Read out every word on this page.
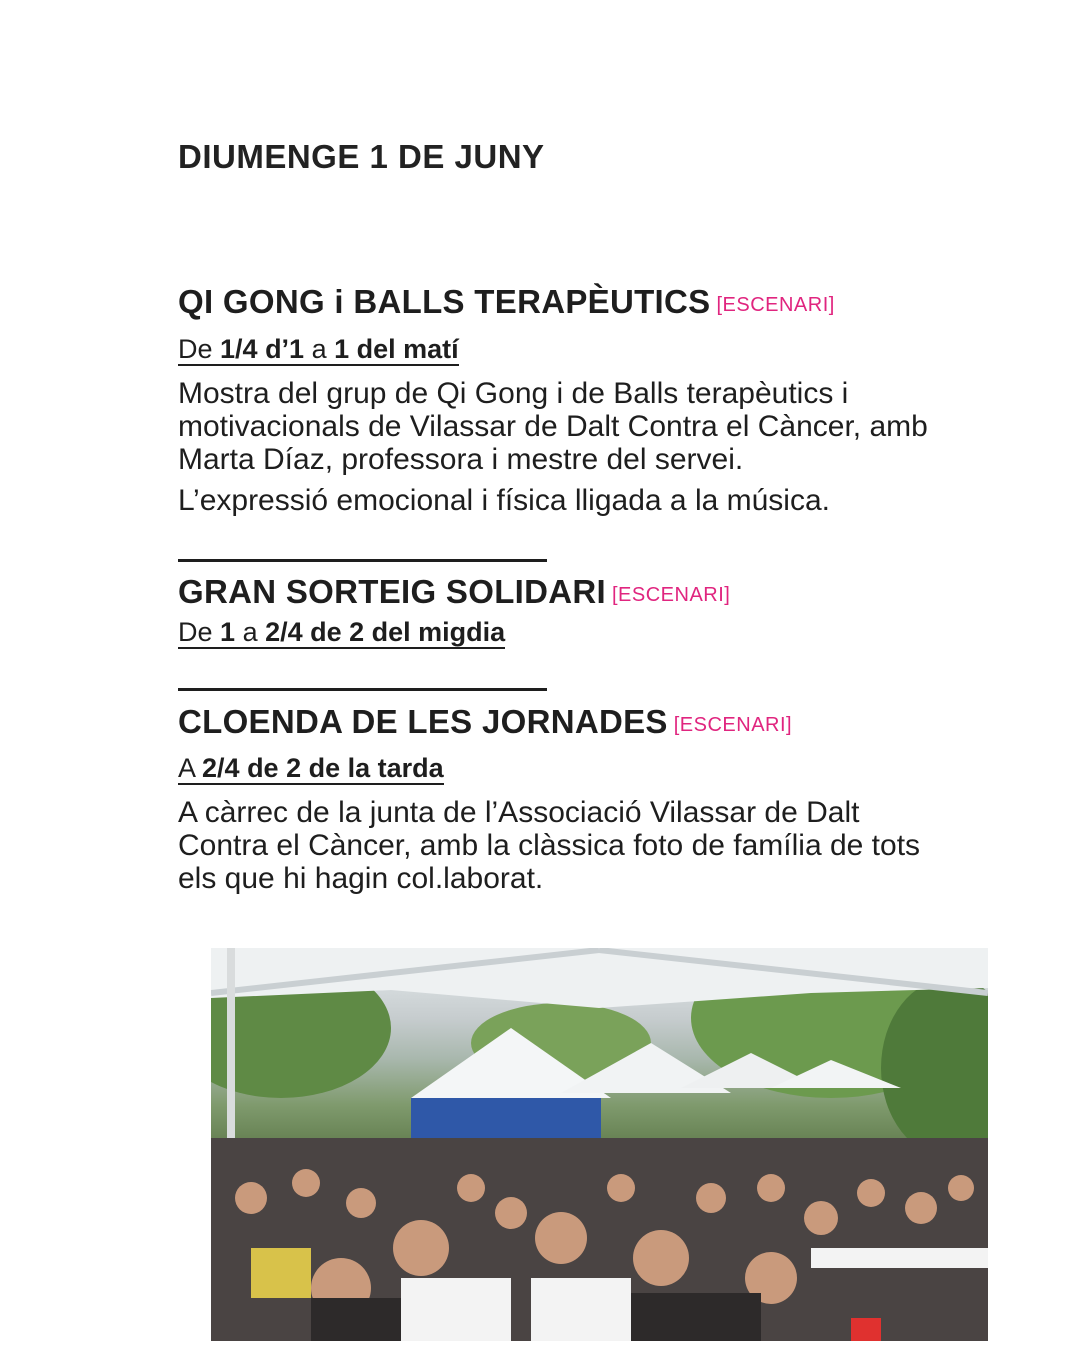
DIUMENGE 1 DE JUNY
QI GONG i BALLS TERAPÈUTICS [ESCENARI]
De 1/4 d’1 a 1 del matí
Mostra del grup de Qi Gong i de Balls terapèutics i
motivacionals de Vilassar de Dalt Contra el Càncer, amb
Marta Díaz, professora i mestre del servei.
L’expressió emocional i física lligada a la música.
GRAN SORTEIG SOLIDARI [ESCENARI]
De 1 a 2/4 de 2 del migdia
CLOENDA DE LES JORNADES [ESCENARI]
A 2/4 de 2 de la tarda
A càrrec de la junta de l’Associació Vilassar de Dalt
Contra el Càncer, amb la clàssica foto de família de tots
els que hi hagin col.laborat.
